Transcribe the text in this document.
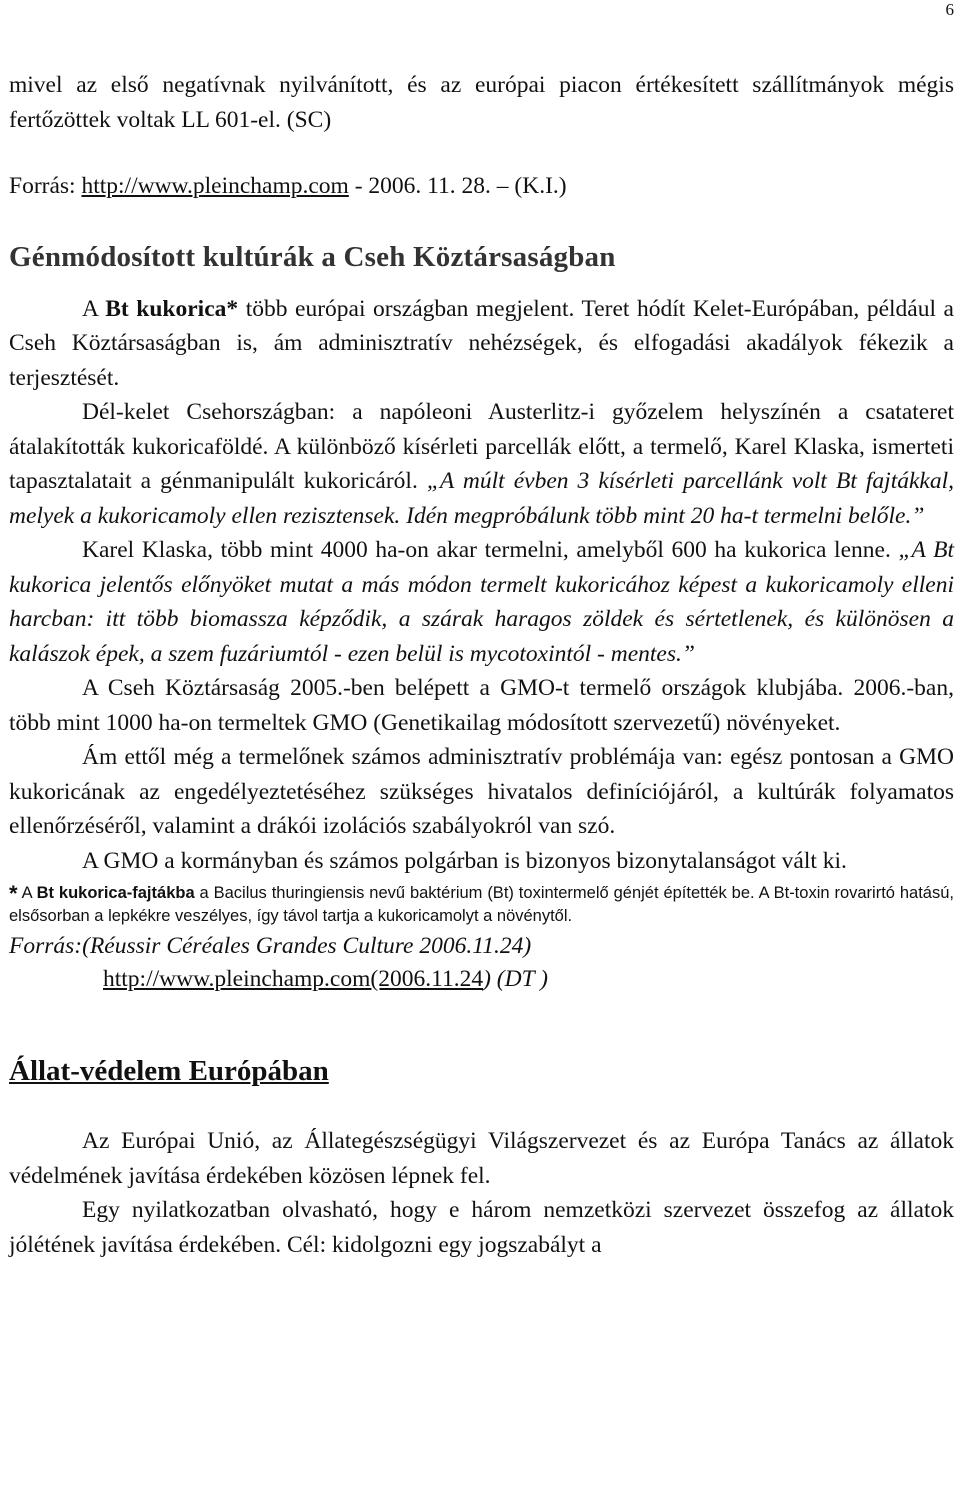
6

mivel az első negatívnak nyilvánított, és az európai piacon értékesített szállítmányok mégis fertőzöttek voltak LL 601-el. (SC)

Forrás: http://www.pleinchamp.com - 2006. 11. 28. – (K.I.)

Génmódosított kultúrák a Cseh Köztársaságban

A Bt kukorica* több európai országban megjelent. Teret hódít Kelet-Európában, például a Cseh Köztársaságban is, ám adminisztratív nehézségek, és elfogadási akadályok fékezik a terjesztését.

Dél-kelet Csehországban: a napóleoni Austerlitz-i győzelem helyszínén a csatateret átalakították kukoricaföldé. A különböző kísérleti parcellák előtt, a termelő, Karel Klaska, ismerteti tapasztalatait a génmanipulált kukoricáról. „A múlt évben 3 kísérleti parcellánk volt Bt fajtákkal, melyek a kukoricamoly ellen rezisztensek. Idén megpróbálunk több mint 20 ha-t termelni belőle.”

Karel Klaska, több mint 4000 ha-on akar termelni, amelyből 600 ha kukorica lenne. „A Bt kukorica jelentős előnyöket mutat a más módon termelt kukoricához képest a kukoricamoly elleni harcban: itt több biomassza képződik, a szárak haragos zöldek és sértetlenek, és különösen a kalászok épek, a szem fuzáriumtól - ezen belül is mycotoxintól - mentes.”

A Cseh Köztársaság 2005.-ben belépett a GMO-t termelő országok klubjába. 2006.-ban, több mint 1000 ha-on termeltek GMO (Genetikailag módosított szervezetű) növényeket.

Ám ettől még a termelőnek számos adminisztratív problémája van: egész pontosan a GMO kukoricának az engedélyeztetéséhez szükséges hivatalos definíciójáról, a kultúrák folyamatos ellenőrzéséről, valamint a drákói izolációs szabályokról van szó.

A GMO a kormányban és számos polgárban is bizonyos bizonytalanságot vált ki.

* A Bt kukorica-fajtákba a Bacilus thuringiensis nevű baktérium (Bt) toxintermelő génjét építették be. A Bt-toxin rovarirtó hatású, elsősorban a lepkékre veszélyes, így távol tartja a kukoricamolyt a növénytől.

Forrás:(Réussir Céréales Grandes Culture 2006.11.24)

http://www.pleinchamp.com(2006.11.24) (DT )

Állat-védelem Európában

Az Európai Unió, az Állategészségügyi Világszervezet és az Európa Tanács az állatok védelmének javítása érdekében közösen lépnek fel.

Egy nyilatkozatban olvasható, hogy e három nemzetközi szervezet összefog az állatok jólétének javítása érdekében. Cél: kidolgozni egy jogszabályt a
